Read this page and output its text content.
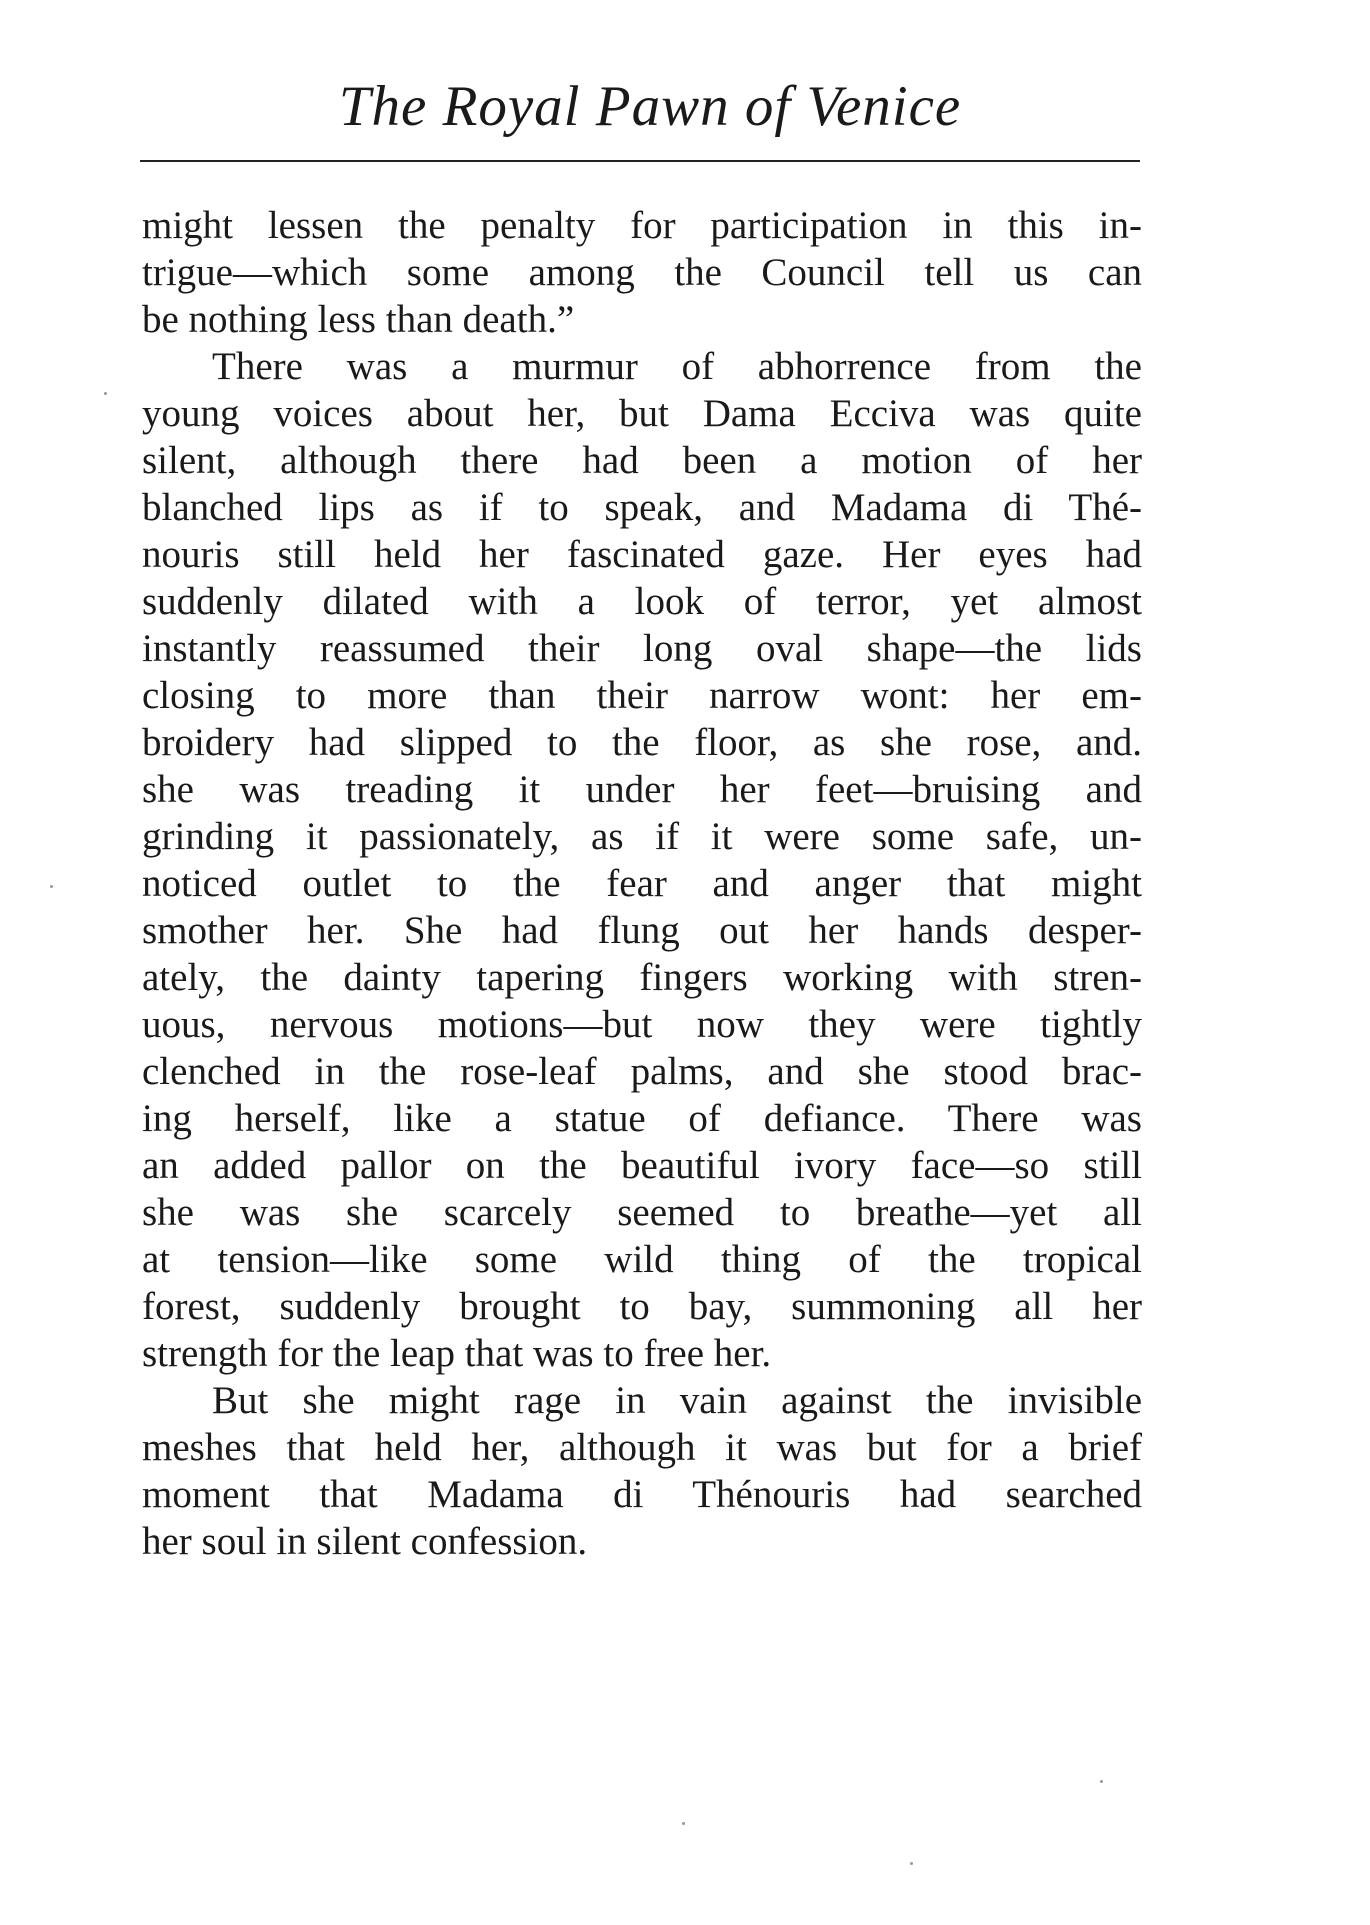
The Royal Pawn of Venice
might lessen the penalty for participation in this in-
trigue—which some among the Council tell us can
be nothing less than death.”
There was a murmur of abhorrence from the
young voices about her, but Dama Ecciva was quite
silent, although there had been a motion of her
blanched lips as if to speak, and Madama di Thé-
nouris still held her fascinated gaze. Her eyes had
suddenly dilated with a look of terror, yet almost
instantly reassumed their long oval shape—the lids
closing to more than their narrow wont: her em-
broidery had slipped to the floor, as she rose, and.
she was treading it under her feet—bruising and
grinding it passionately, as if it were some safe, un-
noticed outlet to the fear and anger that might
smother her. She had flung out her hands desper-
ately, the dainty tapering fingers working with stren-
uous, nervous motions—but now they were tightly
clenched in the rose-leaf palms, and she stood brac-
ing herself, like a statue of defiance. There was
an added pallor on the beautiful ivory face—so still
she was she scarcely seemed to breathe—yet all
at tension—like some wild thing of the tropical
forest, suddenly brought to bay, summoning all her
strength for the leap that was to free her.
But she might rage in vain against the invisible
meshes that held her, although it was but for a brief
moment that Madama di Thénouris had searched
her soul in silent confession.
